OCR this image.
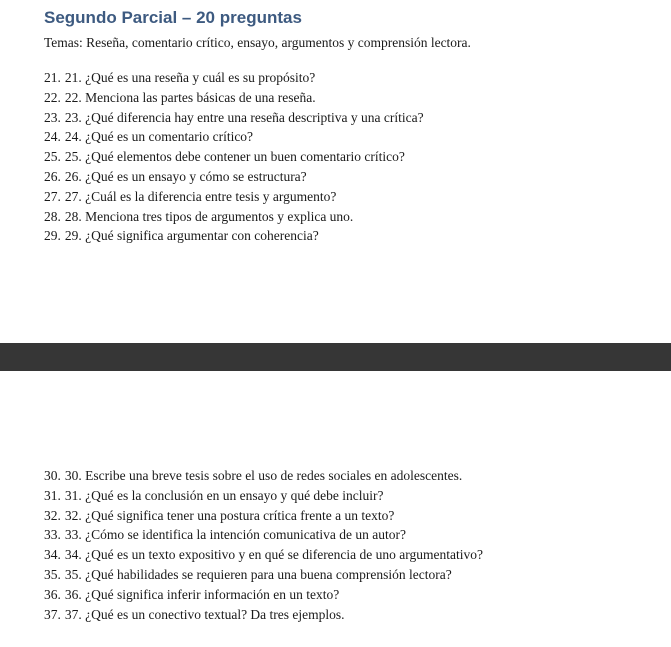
Segundo Parcial – 20 preguntas
Temas: Reseña, comentario crítico, ensayo, argumentos y comprensión lectora.
21. 21. ¿Qué es una reseña y cuál es su propósito?
22. 22. Menciona las partes básicas de una reseña.
23. 23. ¿Qué diferencia hay entre una reseña descriptiva y una crítica?
24. 24. ¿Qué es un comentario crítico?
25. 25. ¿Qué elementos debe contener un buen comentario crítico?
26. 26. ¿Qué es un ensayo y cómo se estructura?
27. 27. ¿Cuál es la diferencia entre tesis y argumento?
28. 28. Menciona tres tipos de argumentos y explica uno.
29. 29. ¿Qué significa argumentar con coherencia?
30. 30. Escribe una breve tesis sobre el uso de redes sociales en adolescentes.
31. 31. ¿Qué es la conclusión en un ensayo y qué debe incluir?
32. 32. ¿Qué significa tener una postura crítica frente a un texto?
33. 33. ¿Cómo se identifica la intención comunicativa de un autor?
34. 34. ¿Qué es un texto expositivo y en qué se diferencia de uno argumentativo?
35. 35. ¿Qué habilidades se requieren para una buena comprensión lectora?
36. 36. ¿Qué significa inferir información en un texto?
37. 37. ¿Qué es un conectivo textual? Da tres ejemplos.
